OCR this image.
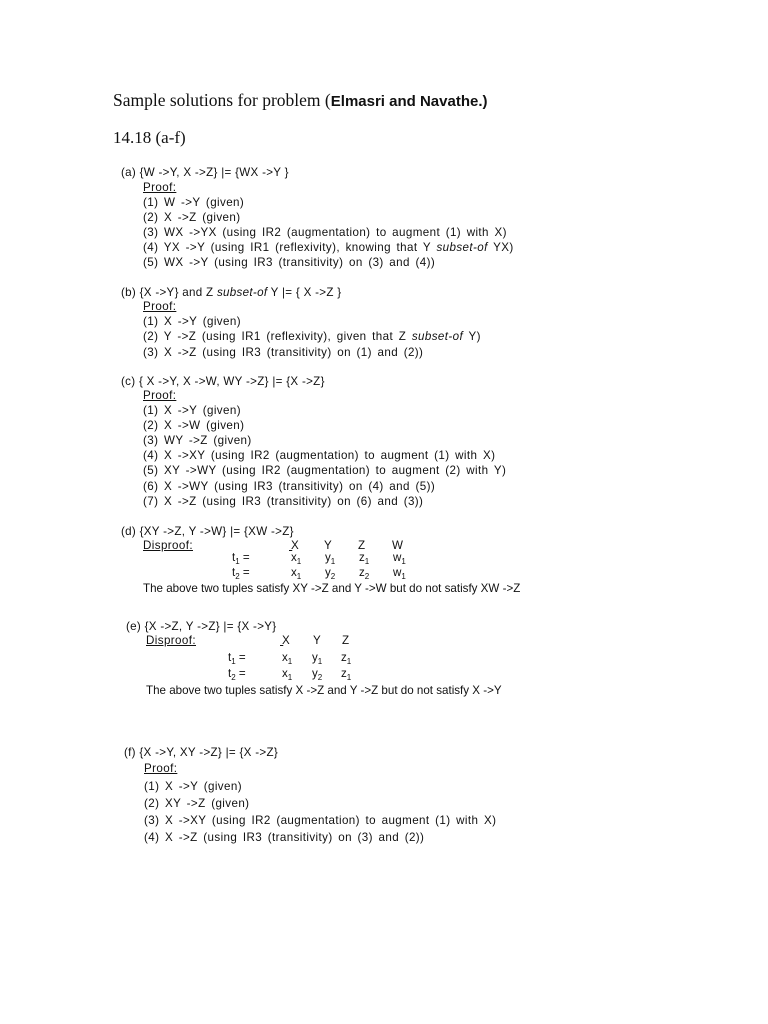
Sample solutions for problem (Elmasri and Navathe.)
14.18 (a-f)
(a) {W ->Y, X ->Z} |= {WX ->Y }
Proof:
(1) W ->Y (given)
(2) X ->Z (given)
(3) WX ->YX (using IR2 (augmentation) to augment (1) with X)
(4) YX ->Y (using IR1 (reflexivity), knowing that Y subset-of YX)
(5) WX ->Y (using IR3 (transitivity) on (3) and (4))
(b) {X ->Y} and Z subset-of Y |= { X ->Z }
Proof:
(1) X ->Y (given)
(2) Y ->Z (using IR1 (reflexivity), given that Z subset-of Y)
(3) X ->Z (using IR3 (transitivity) on (1) and (2))
(c) { X ->Y, X ->W, WY ->Z} |= {X ->Z}
Proof:
(1) X ->Y (given)
(2) X ->W (given)
(3) WY ->Z (given)
(4) X ->XY (using IR2 (augmentation) to augment (1) with X)
(5) XY ->WY (using IR2 (augmentation) to augment (2) with Y)
(6) X ->WY (using IR3 (transitivity) on (4) and (5))
(7) X ->Z (using IR3 (transitivity) on (6) and (3))
(d) {XY ->Z, Y ->W} |= {XW ->Z}
Disproof:	X Y Z W

$t_1$ =	$x_1$ $y_1$ $z_1$ $w_1$
$t_2$ =	$x_1$ $y_2$ $z_2$ $w_1$
The above two tuples satisfy XY ->Z and Y ->W but do not satisfy XW ->Z
(e) {X ->Z, Y ->Z} |= {X ->Y}
Disproof:	X Y Z

$t_1$ =	$x_1$ $y_1$ $z_1$
$t_2$ =	$x_1$ $y_2$ $z_1$
The above two tuples satisfy X ->Z and Y ->Z but do not satisfy X ->Y
(f) {X ->Y, XY ->Z} |= {X ->Z}
Proof:
(1) X ->Y (given)
(2) XY ->Z (given)
(3) X ->XY (using IR2 (augmentation) to augment (1) with X)
(4) X ->Z (using IR3 (transitivity) on (3) and (2))
